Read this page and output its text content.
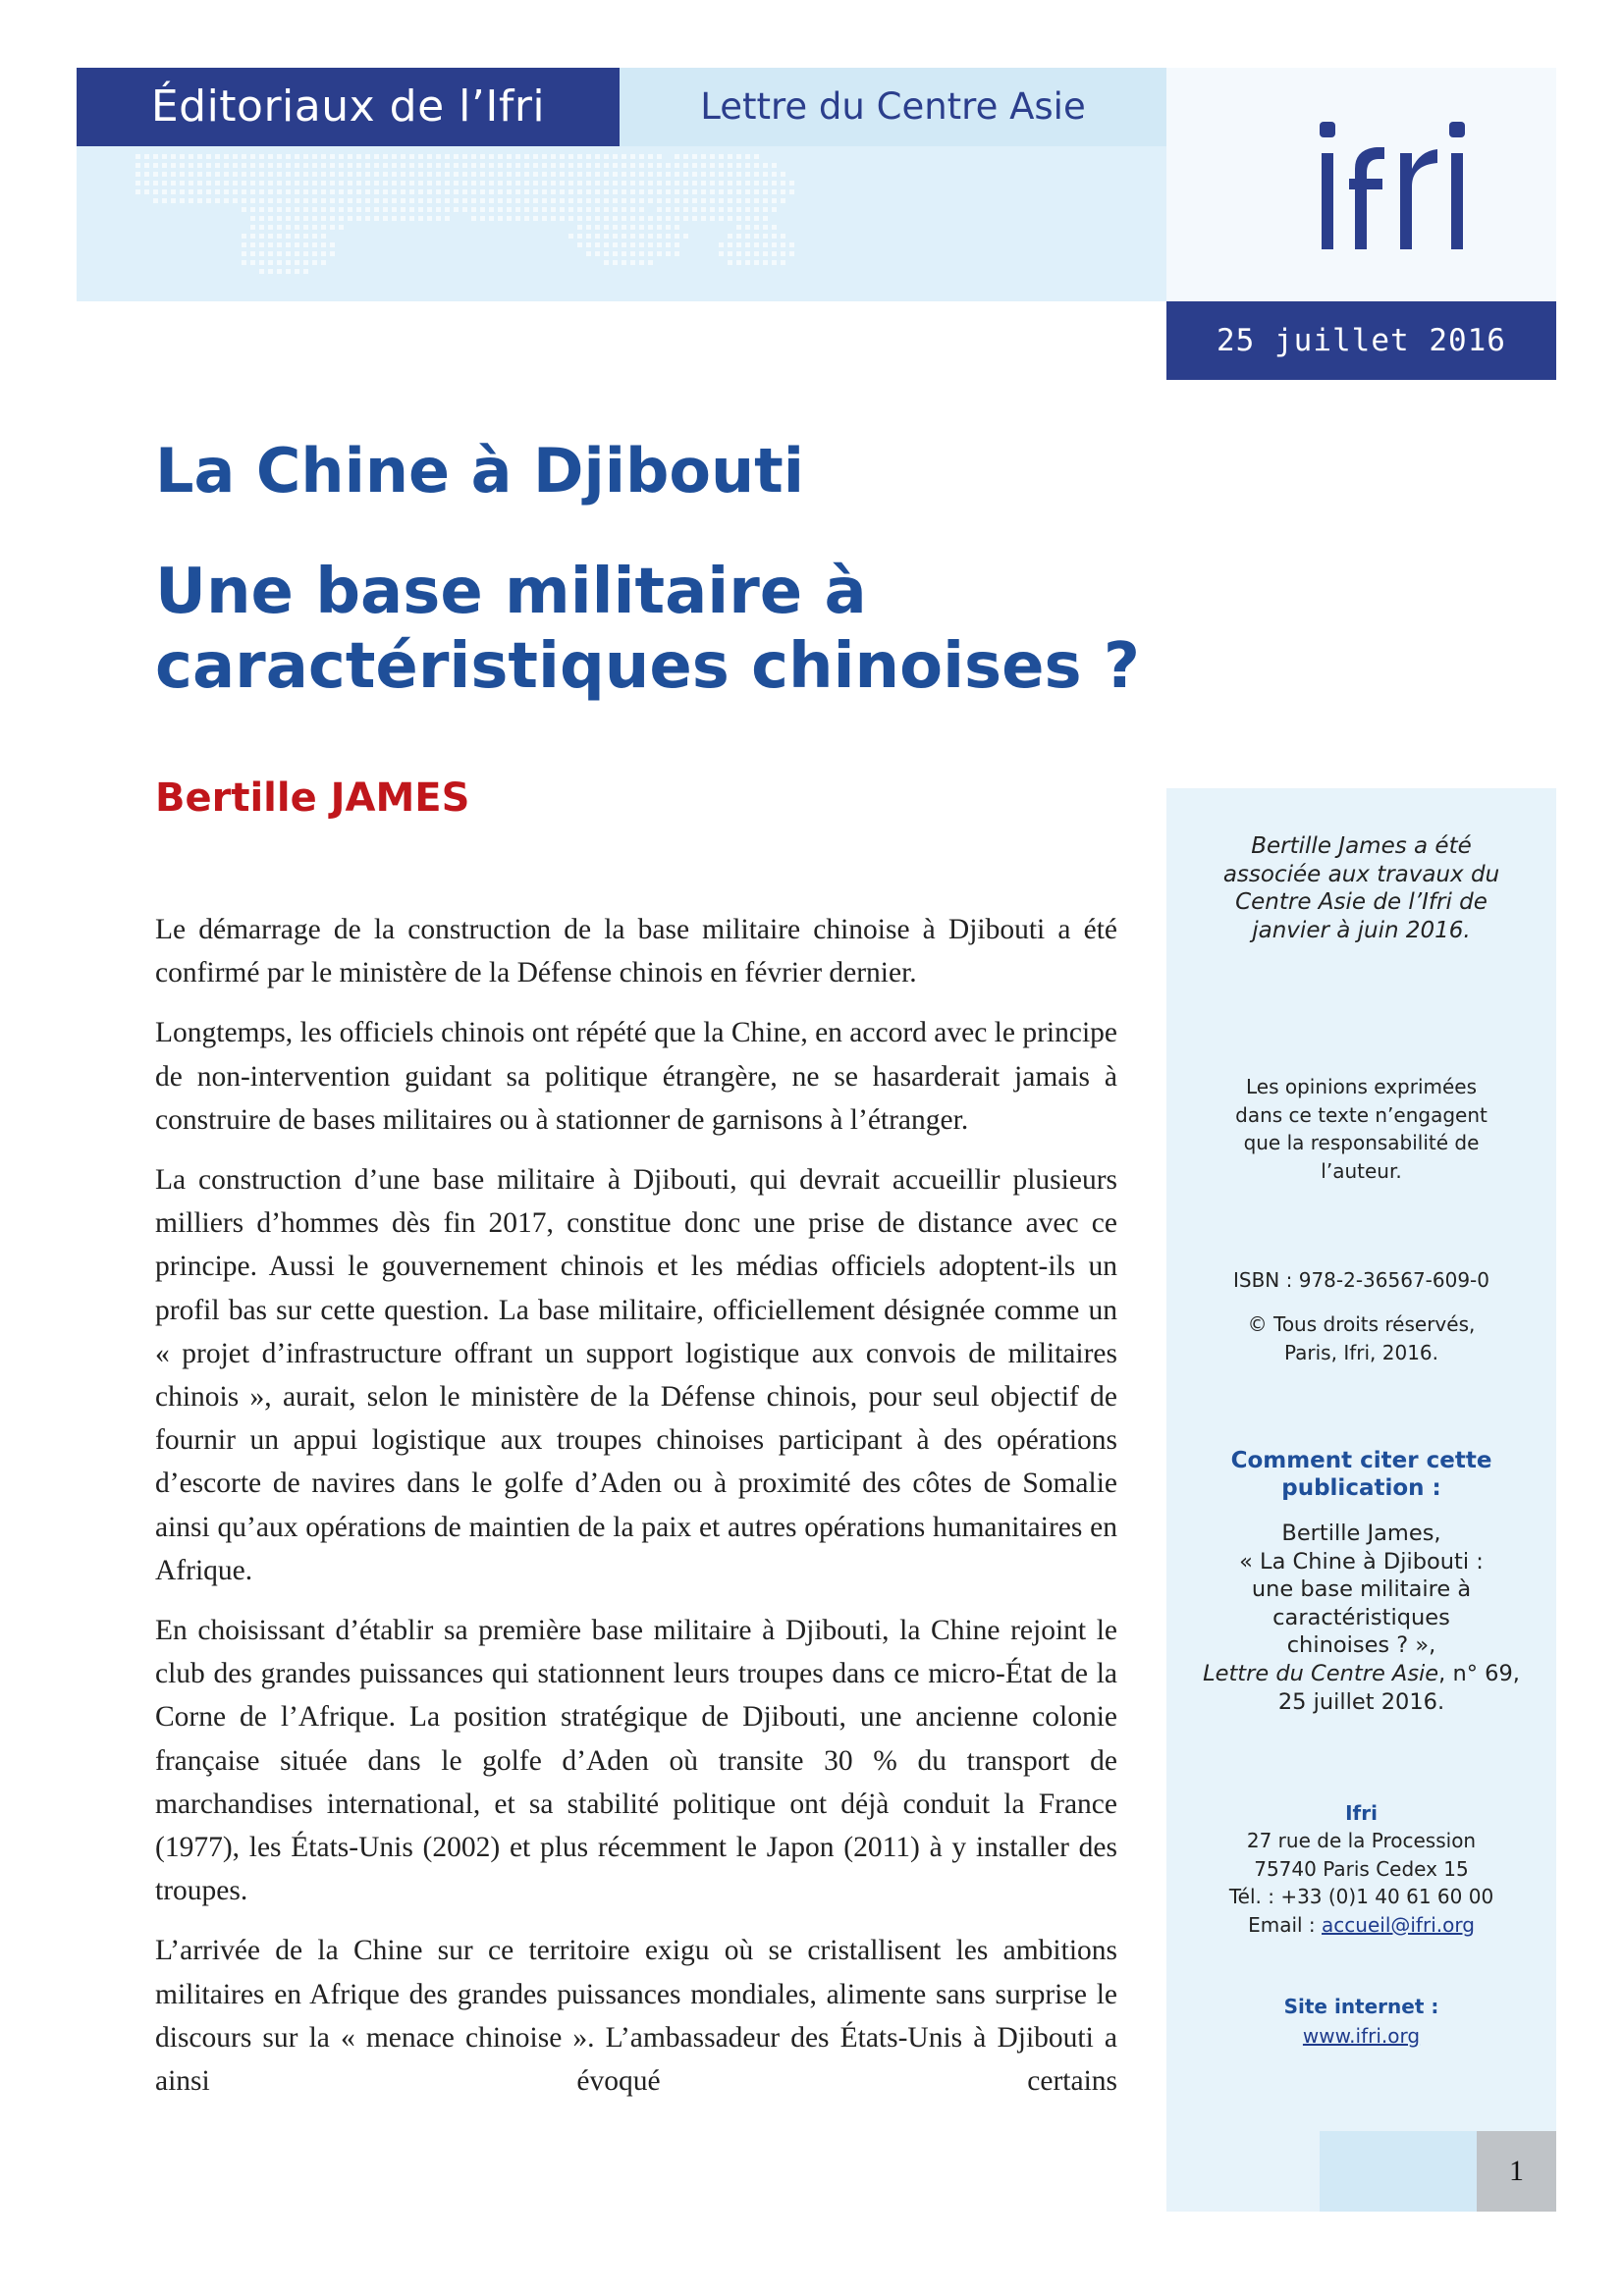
Éditoriaux de l’Ifri	Lettre du Centre Asie
25 juillet 2016
La Chine à Djibouti
Une base militaire à caractéristiques chinoises ?
Bertille JAMES

Le démarrage de la construction de la base militaire chinoise à Djibouti a été confirmé par le ministère de la Défense chinois en février dernier.

Longtemps, les officiels chinois ont répété que la Chine, en accord avec le principe de non-intervention guidant sa politique étrangère, ne se hasarderait jamais à construire de bases militaires ou à stationner de garnisons à l’étranger.

La construction d’une base militaire à Djibouti, qui devrait accueillir plusieurs milliers d’hommes dès fin 2017, constitue donc une prise de distance avec ce principe. Aussi le gouvernement chinois et les médias officiels adoptent-ils un profil bas sur cette question. La base militaire, officiellement désignée comme un « projet d’infrastructure offrant un support logistique aux convois de militaires chinois », aurait, selon le ministère de la Défense chinois, pour seul objectif de fournir un appui logistique aux troupes chinoises participant à des opérations d’escorte de navires dans le golfe d’Aden ou à proximité des côtes de Somalie ainsi qu’aux opérations de maintien de la paix et autres opérations humanitaires en Afrique.

En choisissant d’établir sa première base militaire à Djibouti, la Chine rejoint le club des grandes puissances qui stationnent leurs troupes dans ce micro-État de la Corne de l’Afrique. La position stratégique de Djibouti, une ancienne colonie française située dans le golfe d’Aden où transite 30 % du transport de marchandises international, et sa stabilité politique ont déjà conduit la France (1977), les États-Unis (2002) et plus récemment le Japon (2011) à y installer des troupes.

L’arrivée de la Chine sur ce territoire exigu où se cristallisent les ambitions militaires en Afrique des grandes puissances mondiales, alimente sans surprise le discours sur la « menace chinoise ». L’ambassadeur des États-Unis à Djibouti a ainsi évoqué certains

Bertille James a été associée aux travaux du Centre Asie de l’Ifri de janvier à juin 2016.
Les opinions exprimées dans ce texte n’engagent que la responsabilité de l’auteur.
ISBN : 978-2-36567-609-0
© Tous droits réservés, Paris, Ifri, 2016.
Comment citer cette publication :
Bertille James,
« La Chine à Djibouti : une base militaire à caractéristiques chinoises ? »,
Lettre du Centre Asie, n° 69,
25 juillet 2016.
Ifri
27 rue de la Procession
75740 Paris Cedex 15
Tél. : +33 (0)1 40 61 60 00
Email : accueil@ifri.org
Site internet :
www.ifri.org
1
